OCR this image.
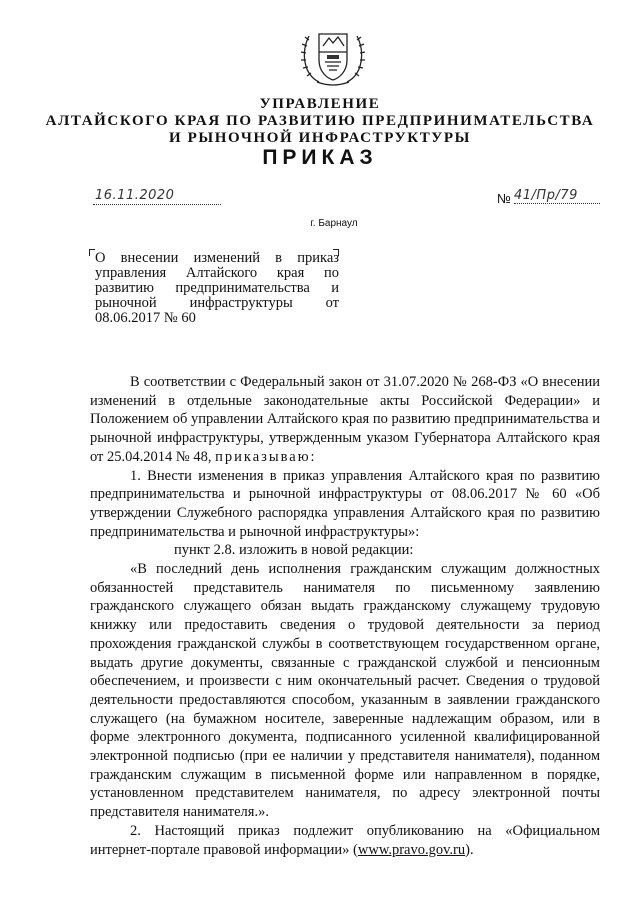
УПРАВЛЕНИЕ
АЛТАЙСКОГО КРАЯ ПО РАЗВИТИЮ ПРЕДПРИНИМАТЕЛЬСТВА
И РЫНОЧНОЙ ИНФРАСТРУКТУРЫ
ПРИКАЗ
16.11.2020	№ 41/Пр/79
г. Барнаул
О внесении изменений в приказ управления Алтайского края по развитию предпринимательства и рыночной инфраструктуры от 08.06.2017 № 60

В соответствии с Федеральный закон от 31.07.2020 № 268-ФЗ «О внесении изменений в отдельные законодательные акты Российской Федерации» и Положением об управлении Алтайского края по развитию предпринимательства и рыночной инфраструктуры, утвержденным указом Губернатора Алтайского края от 25.04.2014 № 48, приказываю:

1. Внести изменения в приказ управления Алтайского края по развитию предпринимательства и рыночной инфраструктуры от 08.06.2017 № 60 «Об утверждении Служебного распорядка управления Алтайского края по развитию предпринимательства и рыночной инфраструктуры»:

пункт 2.8. изложить в новой редакции:

«В последний день исполнения гражданским служащим должностных обязанностей представитель нанимателя по письменному заявлению гражданского служащего обязан выдать гражданскому служащему трудовую книжку или предоставить сведения о трудовой деятельности за период прохождения гражданской службы в соответствующем государственном органе, выдать другие документы, связанные с гражданской службой и пенсионным обеспечением, и произвести с ним окончательный расчет. Сведения о трудовой деятельности предоставляются способом, указанным в заявлении гражданского служащего (на бумажном носителе, заверенные надлежащим образом, или в форме электронного документа, подписанного усиленной квалифицированной электронной подписью (при ее наличии у представителя нанимателя), поданном гражданским служащим в письменной форме или направленном в порядке, установленном представителем нанимателя, по адресу электронной почты представителя нанимателя.».

2. Настоящий приказ подлежит опубликованию на «Официальном интернет-портале правовой информации» (www.pravo.gov.ru).
